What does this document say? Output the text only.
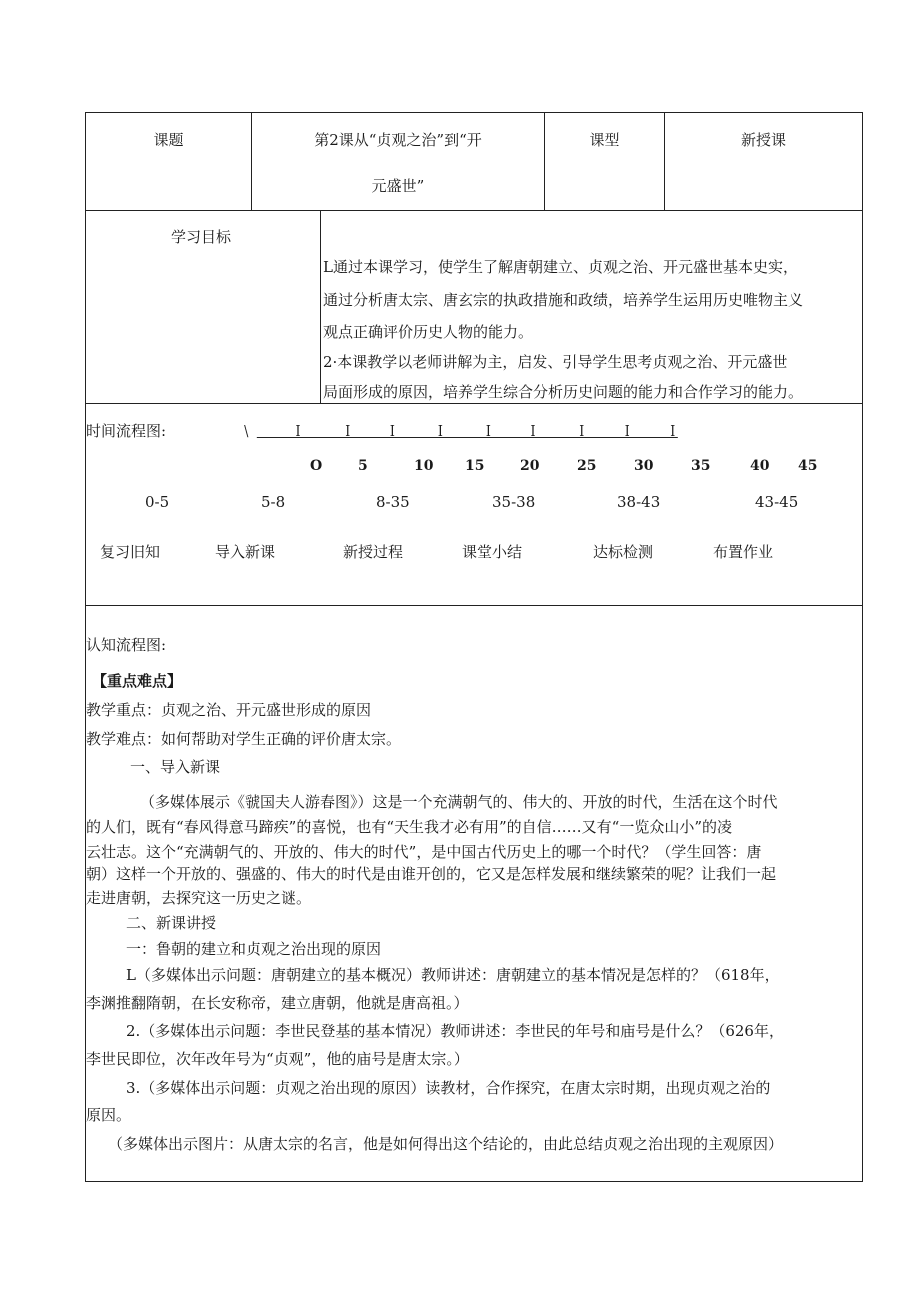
课题	第2课从“贞观之治”到“开
元盛世”
课型	新授课
学习目标
L通过本课学习，使学生了解唐朝建立、贞观之治、开元盛世基本史实，
通过分析唐太宗、唐玄宗的执政措施和政绩，培养学生运用历史唯物主义
观点正确评价历史人物的能力。
2·本课教学以老师讲解为主，启发、引导学生思考贞观之治、开元盛世
局面形成的原因，培养学生综合分析历史问题的能力和合作学习的能力。
时间流程图:	\	I	I	I	I	I	I	I	I	I
O	5	10 15	20	25	30	35	40 45
0-5	5-8	8-35	35-38	38-43	43-45
复习旧知	导入新课	新授过程	课堂小结	达标检测	布置作业
认知流程图:
【重点难点】
教学重点：贞观之治、开元盛世形成的原因
教学难点：如何帮助对学生正确的评价唐太宗。
一、导入新课
（多媒体展示《虢国夫人游春图》）这是一个充满朝气的、伟大的、开放的时代，生活在这个时代
的人们，既有“春风得意马蹄疾”的喜悦，也有“天生我才必有用”的自信……又有“一览众山小”的凌
云壮志。这个“充满朝气的、开放的、伟大的时代”，是中国古代历史上的哪一个时代？（学生回答：唐
朝）这样一个开放的、强盛的、伟大的时代是由谁开创的，它又是怎样发展和继续繁荣的呢？让我们一起
走进唐朝，去探究这一历史之谜。
二、新课讲授
一：鲁朝的建立和贞观之治出现的原因
L（多媒体出示问题：唐朝建立的基本概况）教师讲述：唐朝建立的基本情况是怎样的？（618年，
李渊推翻隋朝，在长安称帝，建立唐朝，他就是唐高祖。）
2.（多媒体出示问题：李世民登基的基本情况）教师讲述：李世民的年号和庙号是什么？（626年，
李世民即位，次年改年号为“贞观”，他的庙号是唐太宗。）
3.（多媒体出示问题：贞观之治出现的原因）读教材，合作探究，在唐太宗时期，出现贞观之治的
原因。
（多媒体出示图片：从唐太宗的名言，他是如何得出这个结论的，由此总结贞观之治出现的主观原因）
